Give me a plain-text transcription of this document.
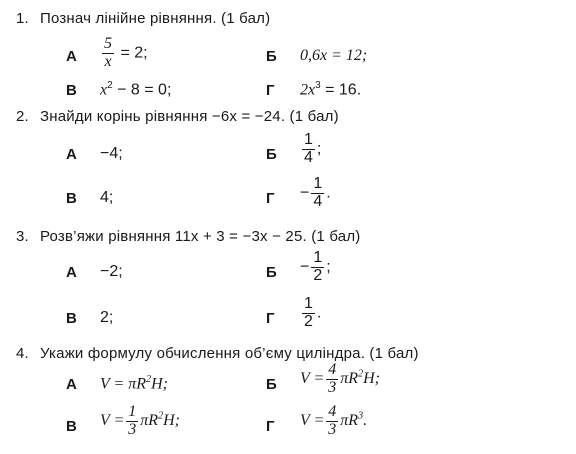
1. Познач лінійне рівняння. (1 бал)
А $\frac{5}{x} = 2$;	Б 0,6x = 12;
В $x^2 - 8 = 0$;	Г $2x^3 = 16$.
2. Знайди корінь рівняння −6x = −24. (1 бал)
А −4;	Б $\frac{1}{4}$ ;
В 4;	$Г - \frac{1}{4}$ .
3. Розв’яжи рівняння 11x + 3 = −3x − 25. (1 бал)
А −2;	$Б - \frac{1}{2}$ ;
В 2;	Г $\frac{1}{2}$ .
4. Укажи формулу обчислення об’єму циліндра. (1 бал)
А $V = \pi R^2H$;	Б $V = \frac{4}{3} \pi R^2H$;
В $V = \frac{1}{3} \pi R^2H$;	Г $V = \frac{4}{3} \pi R^3$.
